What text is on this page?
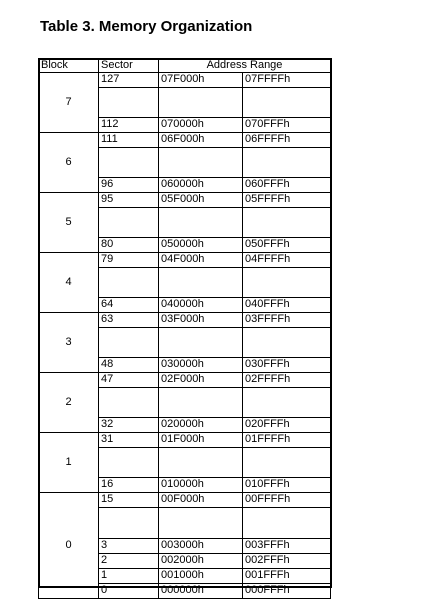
Table 3. Memory Organization
Block	Sector	Address Range	
7	127	07F000h	07FFFFh

	112	070000h	070FFFh
6	111	06F000h	06FFFFh

	96	060000h	060FFFh
5	95	05F000h	05FFFFh

	80	050000h	050FFFh
4	79	04F000h	04FFFFh

	64	040000h	040FFFh
3	63	03F000h	03FFFFh

	48	030000h	030FFFh
2	47	02F000h	02FFFFh

	32	020000h	020FFFh
1	31	01F000h	01FFFFh

	16	010000h	010FFFh
0	15	00F000h	00FFFFh

	3	003000h	003FFFh
	2	002000h	002FFFh
	1	001000h	001FFFh
	0	000000h	000FFFh
